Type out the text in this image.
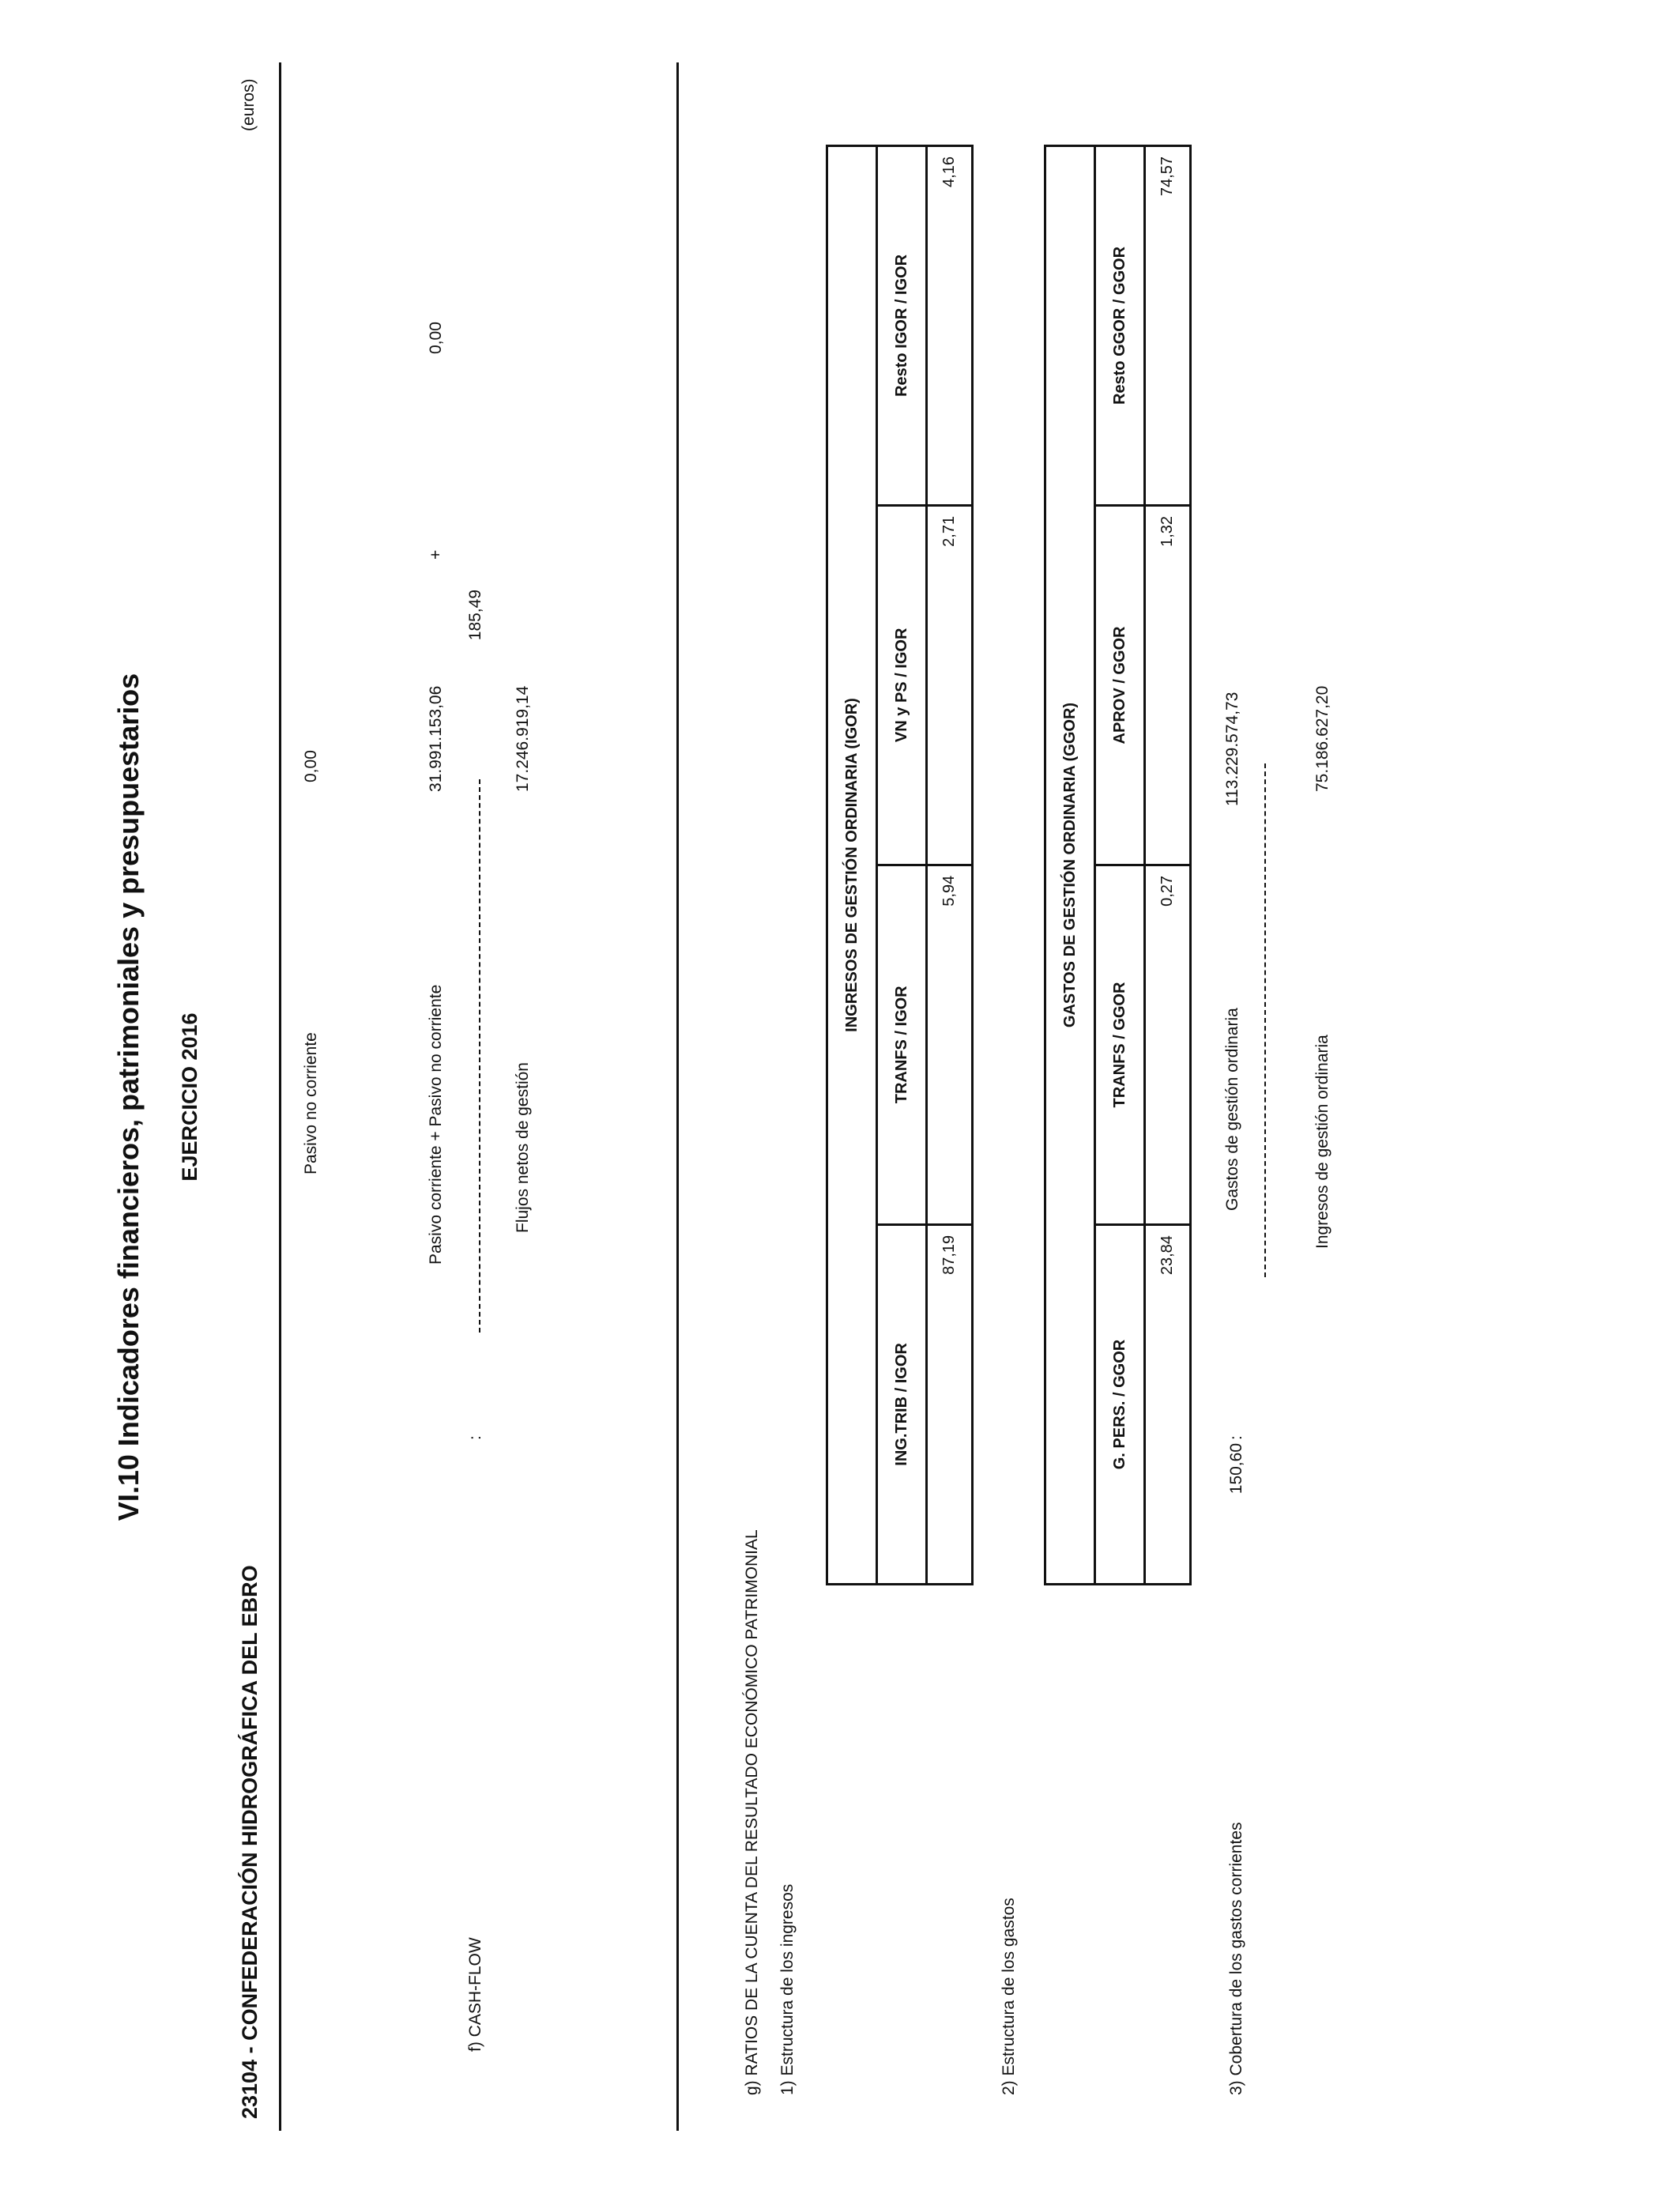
VI.10 Indicadores financieros, patrimoniales y presupuestarios EJERCICIO 2016
23104 - CONFEDERACIÓN HIDROGRÁFICA DEL EBRO
(euros)
Pasivo no corriente
0,00
f) CASH-FLOW
185,49
:
Pasivo corriente + Pasivo no corriente
31.991.153,06
+
0,00
Flujos netos de gestión
17.246.919,14
g) RATIOS DE LA CUENTA DEL RESULTADO ECONÓMICO PATRIMONIAL 1) Estructura de los ingresos
INGRESOS DE GESTIÓN ORDINARIA (IGOR)			
ING.TRIB / IGOR	TRANFS / IGOR	VN y PS / IGOR	Resto IGOR / IGOR
87,19	5,94	2,71	4,16
2) Estructura de los gastos
GASTOS DE GESTIÓN ORDINARIA (GGOR)			
G. PERS. / GGOR	TRANFS / GGOR	APROV / GGOR	Resto GGOR / GGOR
23,84	0,27	1,32	74,57
3) Cobertura de los gastos corrientes
150,60
:
Gastos de gestión ordinaria
113.229.574,73
Ingresos de gestión ordinaria
75.186.627,20
